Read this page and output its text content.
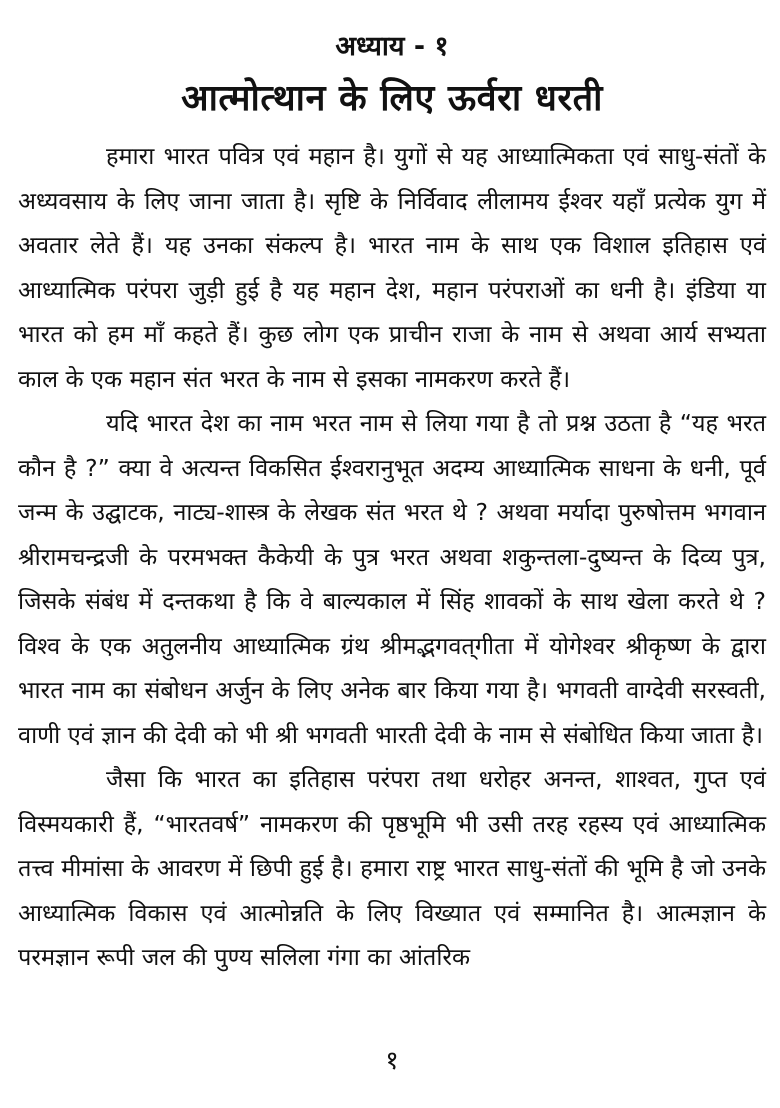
अध्याय - १
आत्मोत्थान के लिए ऊर्वरा धरती

हमारा भारत पवित्र एवं महान है। युगों से यह आध्यात्मिकता एवं साधु-संतों के अध्यवसाय के लिए जाना जाता है। सृष्टि के निर्विवाद लीलामय ईश्वर यहाँ प्रत्येक युग में अवतार लेते हैं। यह उनका संकल्प है। भारत नाम के साथ एक विशाल इतिहास एवं आध्यात्मिक परंपरा जुड़ी हुई है यह महान देश, महान परंपराओं का धनी है। इंडिया या भारत को हम माँ कहते हैं। कुछ लोग एक प्राचीन राजा के नाम से अथवा आर्य सभ्यता काल के एक महान संत भरत के नाम से इसका नामकरण करते हैं।

यदि भारत देश का नाम भरत नाम से लिया गया है तो प्रश्न उठता है “यह भरत कौन है ?” क्या वे अत्यन्त विकसित ईश्वरानुभूत अदम्य आध्यात्मिक साधना के धनी, पूर्व जन्म के उद्घाटक, नाट्य-शास्त्र के लेखक संत भरत थे ? अथवा मर्यादा पुरुषोत्तम भगवान श्रीरामचन्द्रजी के परमभक्त कैकेयी के पुत्र भरत अथवा शकुन्तला-दुष्यन्त के दिव्य पुत्र, जिसके संबंध में दन्तकथा है कि वे बाल्यकाल में सिंह शावकों के साथ खेला करते थे ? विश्व के एक अतुलनीय आध्यात्मिक ग्रंथ श्रीमद्भगवत्‌गीता में योगेश्वर श्रीकृष्ण के द्वारा भारत नाम का संबोधन अर्जुन के लिए अनेक बार किया गया है। भगवती वाग्देवी सरस्वती, वाणी एवं ज्ञान की देवी को भी श्री भगवती भारती देवी के नाम से संबोधित किया जाता है।

जैसा कि भारत का इतिहास परंपरा तथा धरोहर अनन्त, शाश्वत, गुप्त एवं विस्मयकारी हैं, “भारतवर्ष” नामकरण की पृष्ठभूमि भी उसी तरह रहस्य एवं आध्यात्मिक तत्त्व मीमांसा के आवरण में छिपी हुई है। हमारा राष्ट्र भारत साधु-संतों की भूमि है जो उनके आध्यात्मिक विकास एवं आत्मोन्नति के लिए विख्यात एवं सम्मानित है। आत्मज्ञान के परमज्ञान रूपी जल की पुण्य सलिला गंगा का आंतरिक

१
